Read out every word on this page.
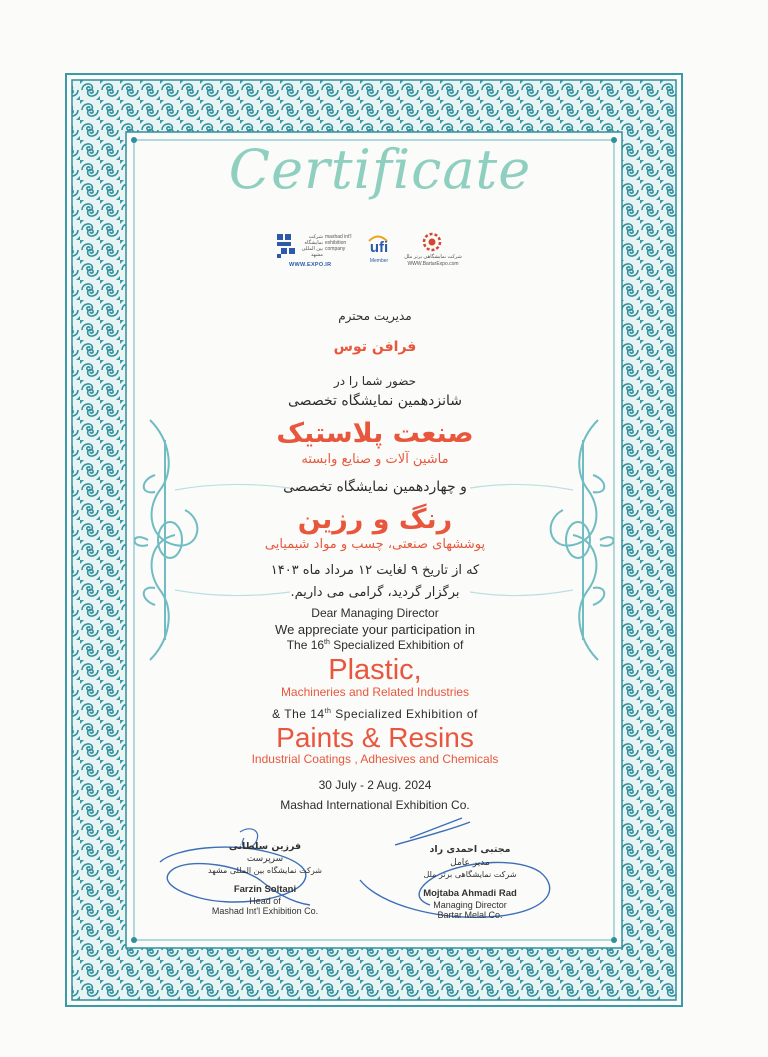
Certificate
شرکت نمایشگاه بین المللی مشهد
mashad int'l exhibition company
WWW.EXPO.IR
ufi
Member
شرکت نمایشگاهی برتر ملل
WWW.BartarExpo.com
مدیریت محترم
فرافن توس
حضور شما را در
شانزدهمین نمایشگاه تخصصی
صنعت پلاستیک
ماشین آلات و صنایع وابسته
و چهاردهمین نمایشگاه تخصصی
رنگ و رزین
پوششهای صنعتی، چسب و مواد شیمیایی
که از تاریخ ۹ لغایت ۱۲ مرداد ماه ۱۴۰۳
برگزار گردید، گرامی می داریم.
Dear Managing Director
We appreciate your participation in
The 16th Specialized Exhibition of
Plastic,
Machineries and Related Industries
& The 14th Specialized Exhibition of
Paints & Resins
Industrial Coatings , Adhesives and Chemicals
30 July - 2 Aug. 2024
Mashad International Exhibition Co.
فرزین سلطانی
سرپرست
شرکت نمایشگاه بین المللی مشهد
Farzin Soltani
Head of
Mashad Int'l Exhibition Co.
مجتبی احمدی راد
مدیر عامل
شرکت نمایشگاهی برتر ملل
Mojtaba Ahmadi Rad
Managing Director
Bartar Melal Co.
